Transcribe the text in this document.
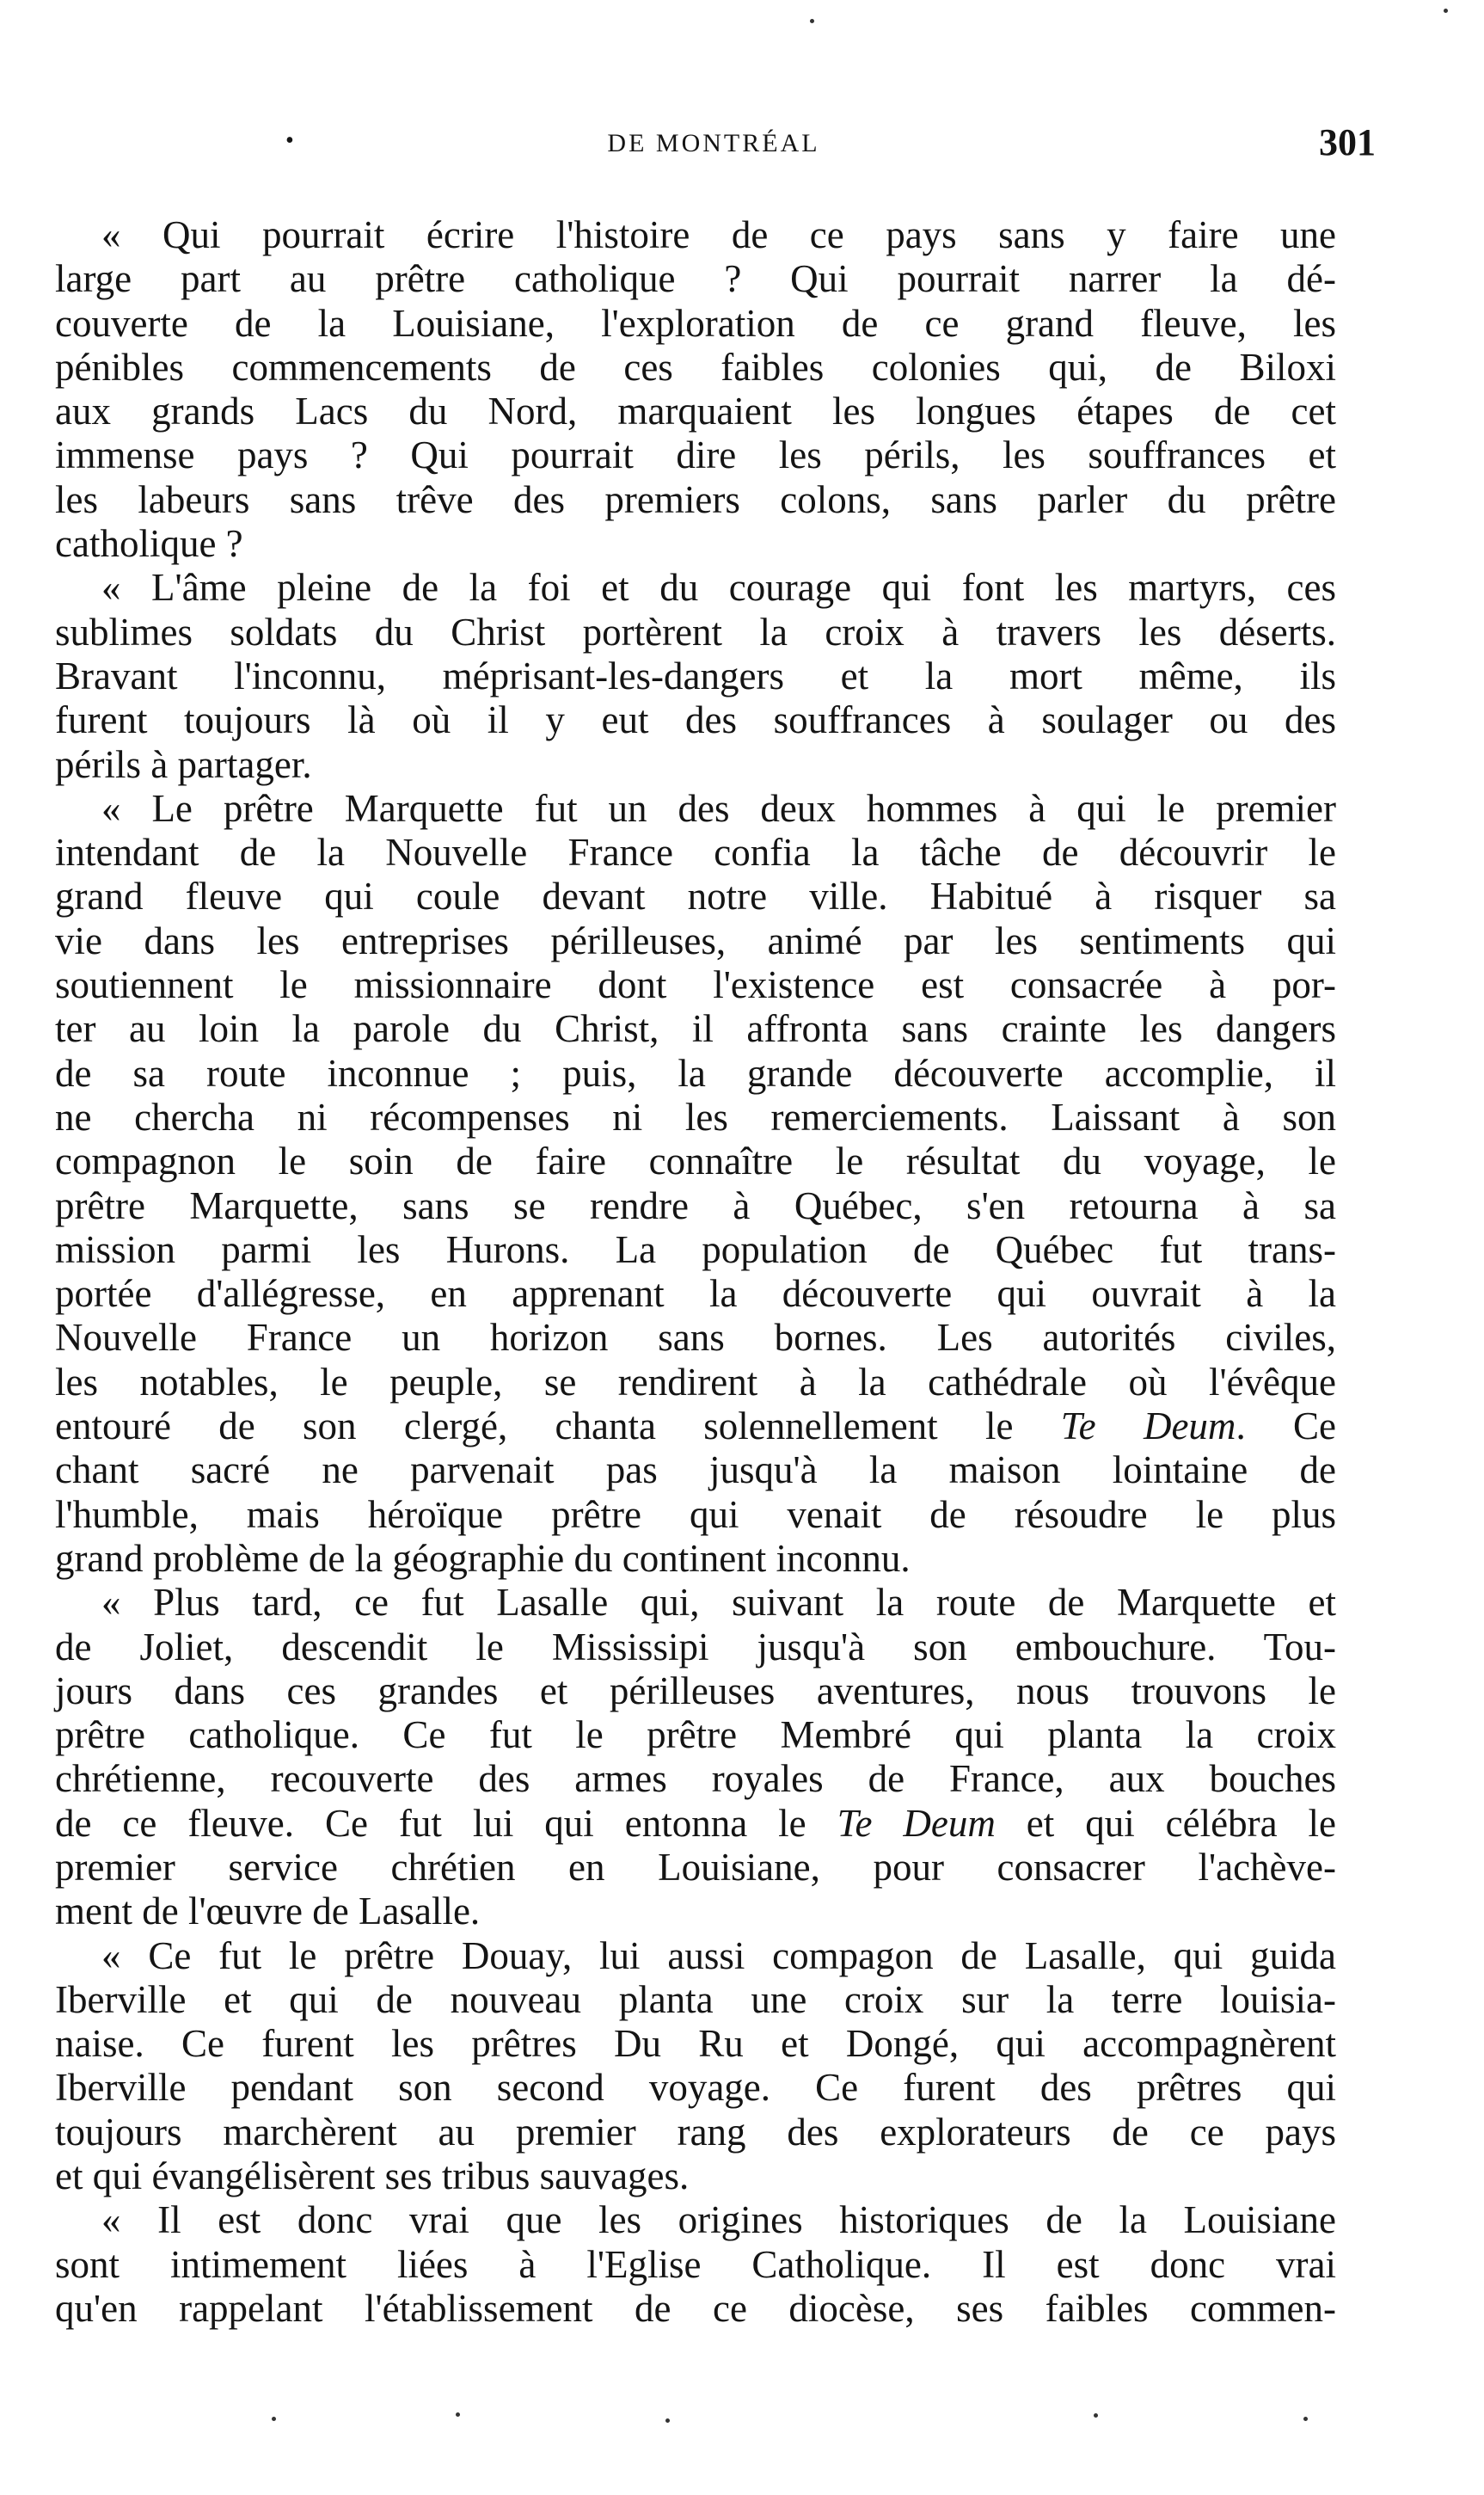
•	DE MONTRÉAL	301
« Qui pourrait écrire l'histoire de ce pays sans y faire une
large part au prêtre catholique ? Qui pourrait narrer la dé-
couverte de la Louisiane, l'exploration de ce grand fleuve, les
pénibles commencements de ces faibles colonies qui, de Biloxi
aux grands Lacs du Nord, marquaient les longues étapes de cet
immense pays ? Qui pourrait dire les périls, les souffrances et
les labeurs sans trêve des premiers colons, sans parler du prêtre
catholique ?
« L'âme pleine de la foi et du courage qui font les martyrs, ces
sublimes soldats du Christ portèrent la croix à travers les déserts.
Bravant l'inconnu, méprisant-les-dangers et la mort même, ils
furent toujours là où il y eut des souffrances à soulager ou des
périls à partager.
« Le prêtre Marquette fut un des deux hommes à qui le premier
intendant de la Nouvelle France confia la tâche de découvrir le
grand fleuve qui coule devant notre ville. Habitué à risquer sa
vie dans les entreprises périlleuses, animé par les sentiments qui
soutiennent le missionnaire dont l'existence est consacrée à por-
ter au loin la parole du Christ, il affronta sans crainte les dangers
de sa route inconnue ; puis, la grande découverte accomplie, il
ne chercha ni récompenses ni les remerciements. Laissant à son
compagnon le soin de faire connaître le résultat du voyage, le
prêtre Marquette, sans se rendre à Québec, s'en retourna à sa
mission parmi les Hurons. La population de Québec fut trans-
portée d'allégresse, en apprenant la découverte qui ouvrait à la
Nouvelle France un horizon sans bornes. Les autorités civiles,
les notables, le peuple, se rendirent à la cathédrale où l'évêque
entouré de son clergé, chanta solennellement le Te Deum. Ce
chant sacré ne parvenait pas jusqu'à la maison lointaine de
l'humble, mais héroïque prêtre qui venait de résoudre le plus
grand problème de la géographie du continent inconnu.
« Plus tard, ce fut Lasalle qui, suivant la route de Marquette et
de Joliet, descendit le Mississipi jusqu'à son embouchure. Tou-
jours dans ces grandes et périlleuses aventures, nous trouvons le
prêtre catholique. Ce fut le prêtre Membré qui planta la croix
chrétienne, recouverte des armes royales de France, aux bouches
de ce fleuve. Ce fut lui qui entonna le Te Deum et qui célébra le
premier service chrétien en Louisiane, pour consacrer l'achève-
ment de l'œuvre de Lasalle.
« Ce fut le prêtre Douay, lui aussi compagon de Lasalle, qui guida
Iberville et qui de nouveau planta une croix sur la terre louisia-
naise. Ce furent les prêtres Du Ru et Dongé, qui accompagnèrent
Iberville pendant son second voyage. Ce furent des prêtres qui
toujours marchèrent au premier rang des explorateurs de ce pays
et qui évangélisèrent ses tribus sauvages.
« Il est donc vrai que les origines historiques de la Louisiane
sont intimement liées à l'Eglise Catholique. Il est donc vrai
qu'en rappelant l'établissement de ce diocèse, ses faibles commen-
